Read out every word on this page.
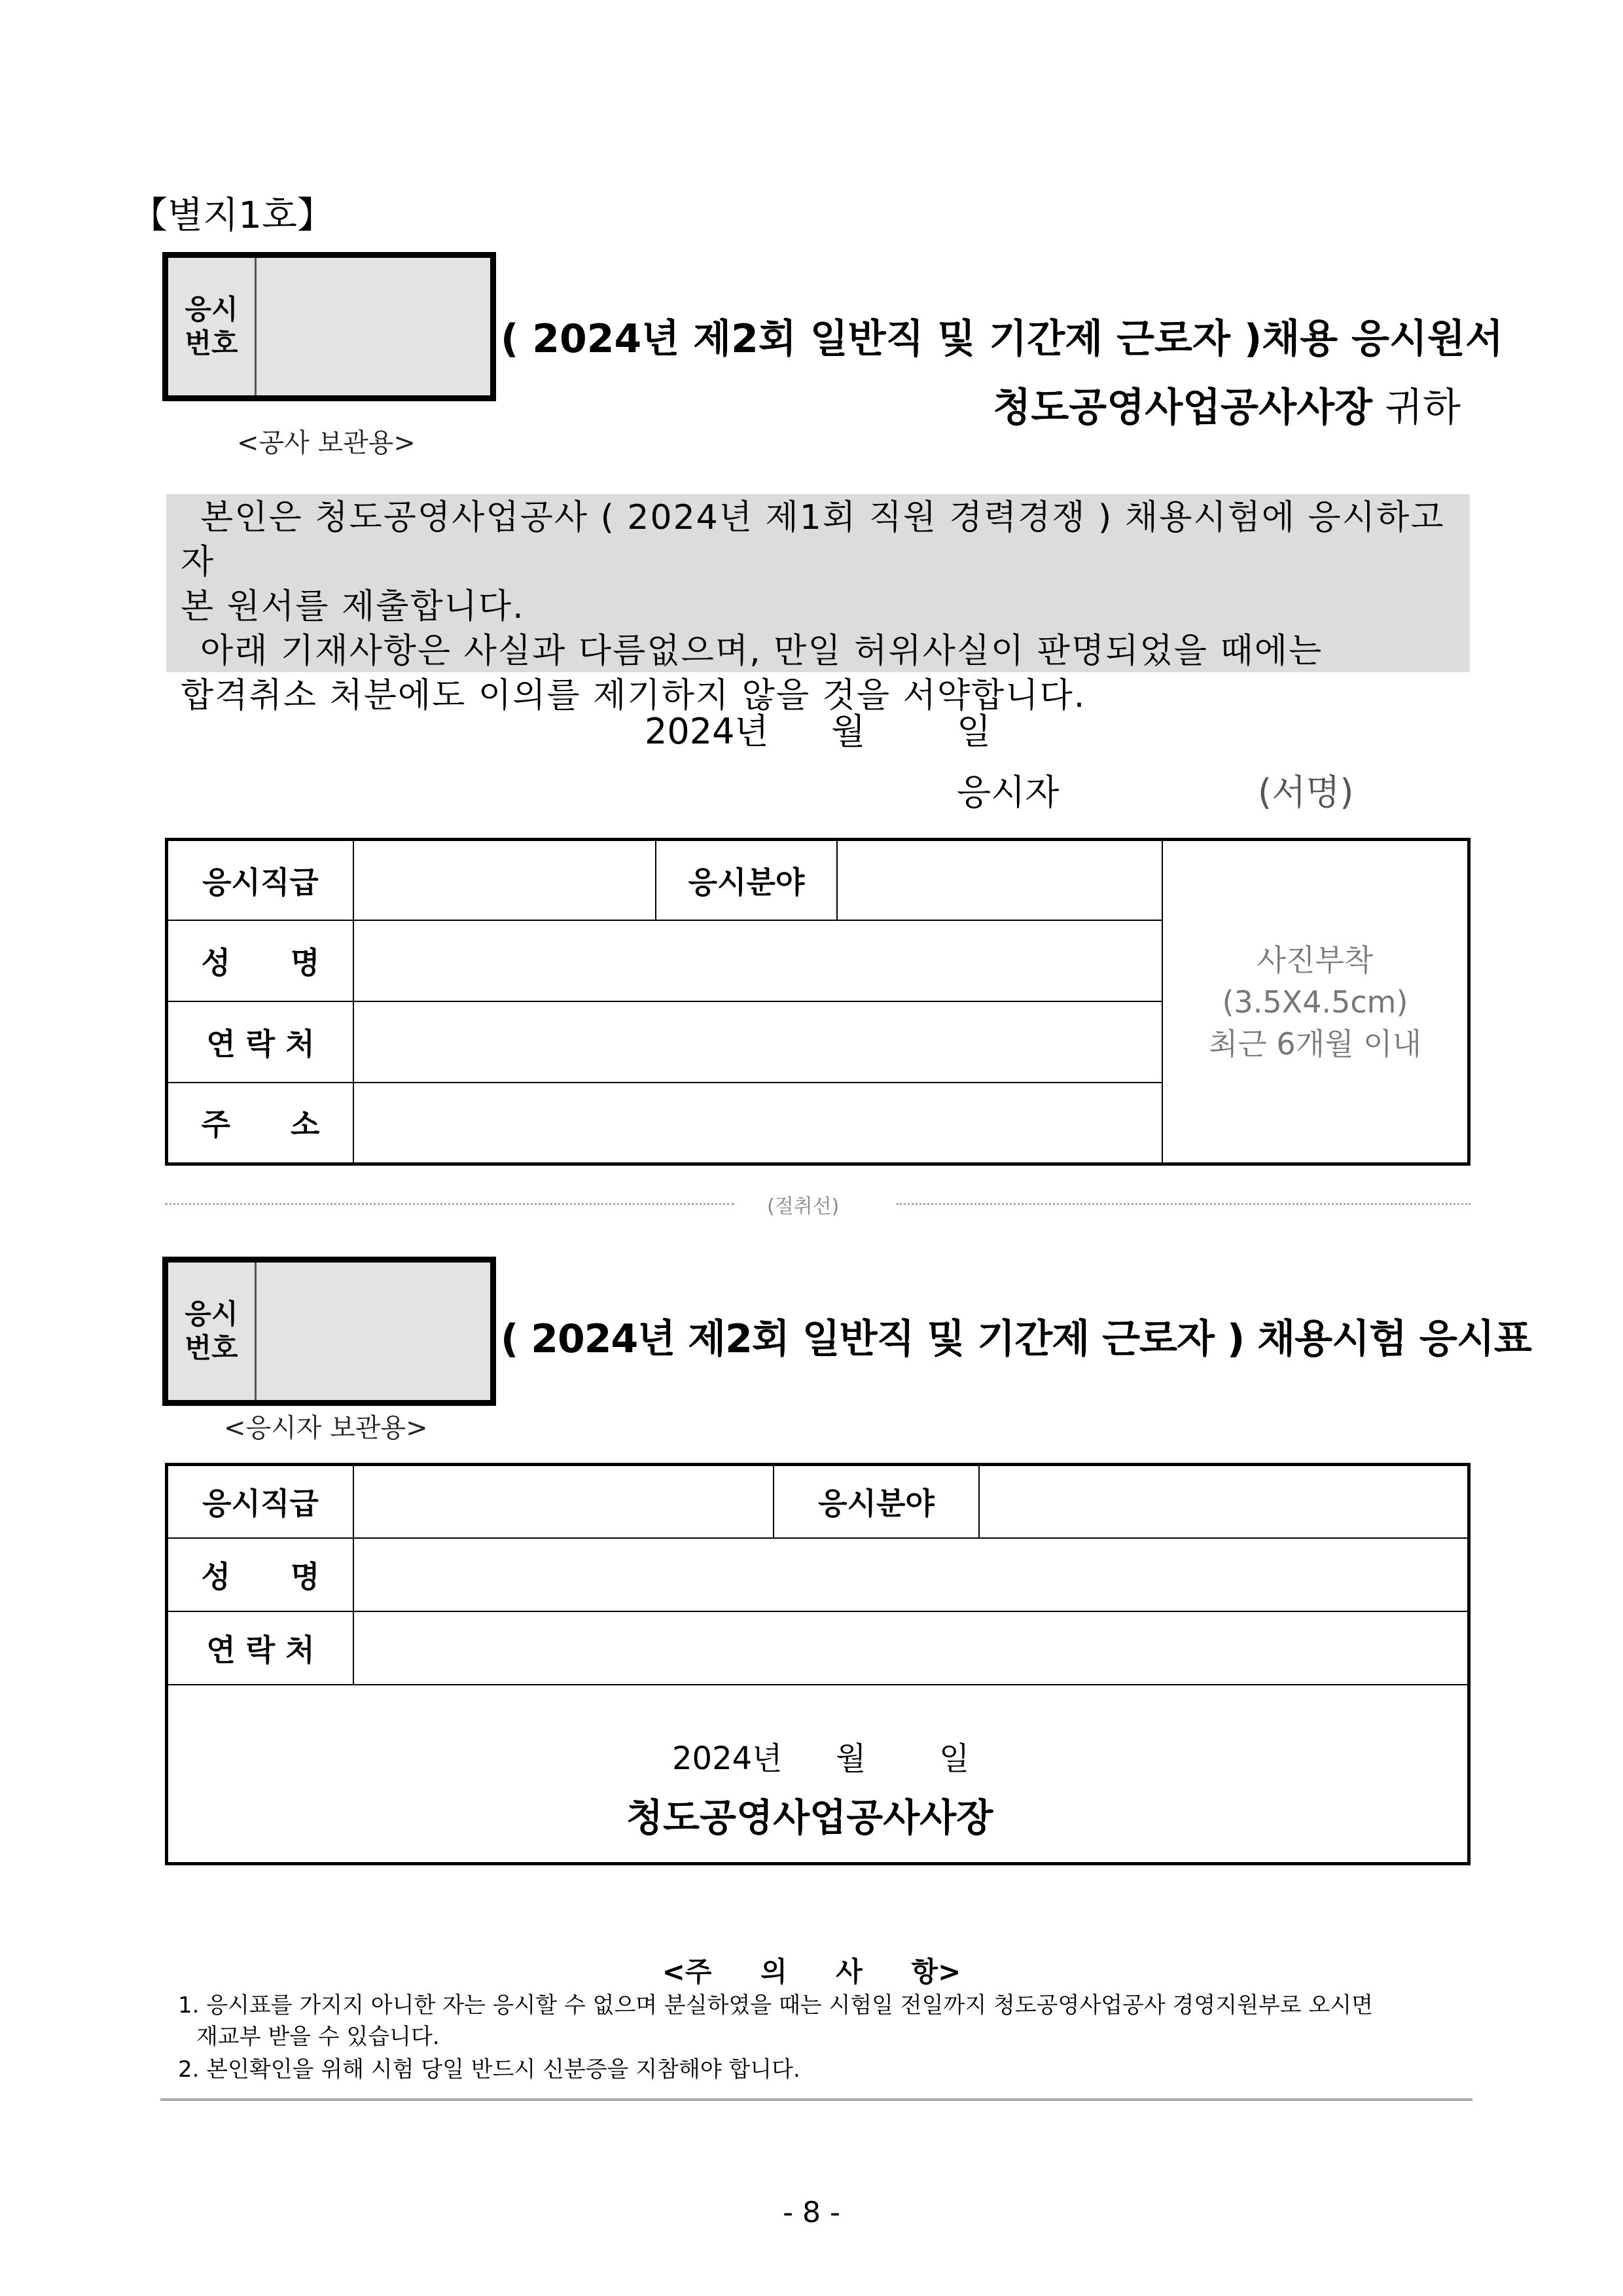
【별지1호】
응시
번호	( 2024년 제2회 일반직 및 기간제 근로자 )채용 응시원서
청도공영사업공사사장 귀하
<공사 보관용>

본인은 청도공영사업공사 ( 2024년 제1회 직원 경력경쟁 ) 채용시험에 응시하고자

본 원서를 제출합니다.

아래 기재사항은 사실과 다름없으며, 만일 허위사실이 판명되었을 때에는

합격취소 처분에도 이의를 제기하지 않을 것을 서약합니다.

2024년 월	일
응시자	(서명)
응시직급		응시분야		사진부착
(3.5X4.5cm)
최근 6개월 이내

성　　명				
연 락 처				
주　　소				
(절취선)
응시
번호	( 2024년 제2회 일반직 및 기간제 근로자 ) 채용시험 응시표
<응시자 보관용>
응시직급		응시분야	
성　　명			
연 락 처			

2024년 월 일
청도공영사업공사사장			
<주 의 사 항>
1. 응시표를 가지지 아니한 자는 응시할 수 없으며 분실하였을 때는 시험일 전일까지 청도공영사업공사 경영지원부로 오시면
재교부 받을 수 있습니다.
2. 본인확인을 위해 시험 당일 반드시 신분증을 지참해야 합니다.
- 8 -
